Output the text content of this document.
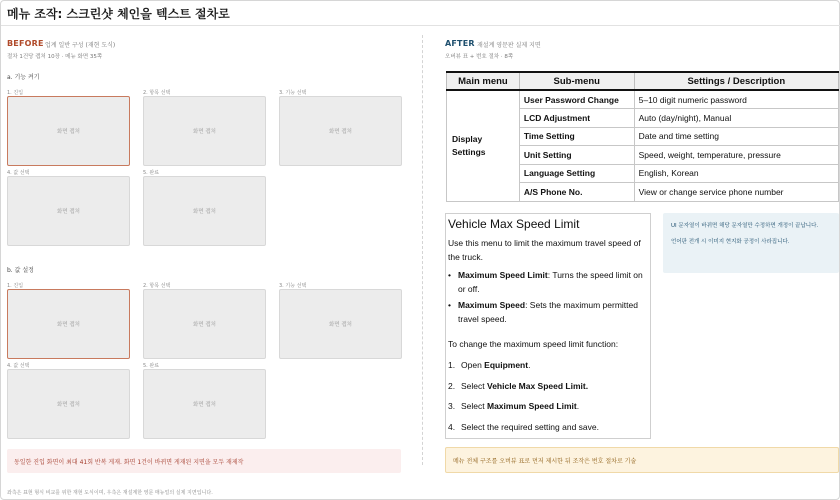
메뉴 조작: 스크린샷 체인을 텍스트 절차로
BEFORE 업계 일반 구성 (재현 도식)
절차 1건당 캡처 10장 · 메뉴 화면 35쪽
a. 기능 켜기
1. 진입
화면 캡처
2. 항목 선택
화면 캡처
3. 기능 선택
화면 캡처
4. 값 선택
화면 캡처
5. 완료
화면 캡처
b. 값 설정
1. 진입
화면 캡처
2. 항목 선택
화면 캡처
3. 기능 선택
화면 캡처
4. 값 선택
화면 캡처
5. 완료
화면 캡처
동일한 진입 화면이 최대 41회 반복 게재. 화면 1건이 바뀌면 게재된 지면을 모두 재제작
AFTER 재설계 영문판 실제 지면
오버뷰 표 + 번호 절차 · 8쪽
Main menu	Sub-menu	Settings / Description
Display Settings	User Password Change	5–10 digit numeric password
	LCD Adjustment	Auto (day/night), Manual
	Time Setting	Date and time setting
	Unit Setting	Speed, weight, temperature, pressure
	Language Setting	English, Korean
	A/S Phone No.	View or change service phone number
Vehicle Max Speed Limit
Use this menu to limit the maximum travel speed of the truck.
• Maximum Speed Limit: Turns the speed limit on or off.
• Maximum Speed: Sets the maximum permitted travel speed.
To change the maximum speed limit function:
1. Open Equipment.
2. Select Vehicle Max Speed Limit.
3. Select Maximum Speed Limit.
4. Select the required setting and save.

UI 문자열이 바뀌면 해당 문자열만 수정하면 개정이 끝납니다.

언어판 전개 시 이미지 현지화 공정이 사라집니다.

메뉴 전체 구조를 오버뷰 표로 먼저 제시한 뒤 조작은 번호 절차로 기술
좌측은 표현 형식 비교를 위한 재현 도식이며, 우측은 재설계한 영문 매뉴얼의 실제 지면입니다.
